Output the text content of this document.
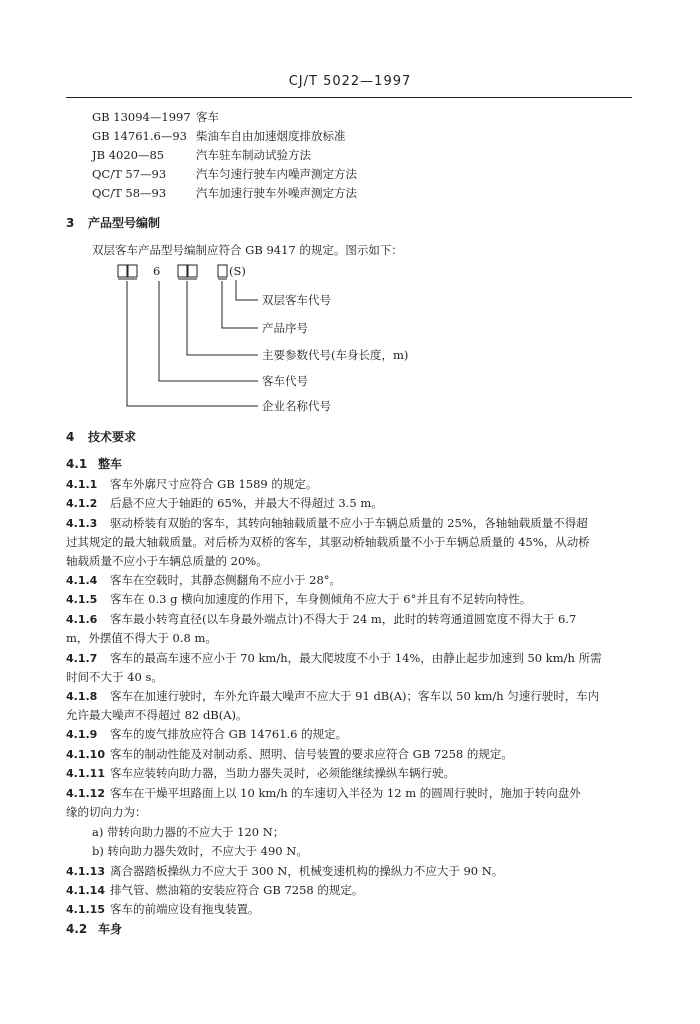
CJ/T 5022—1997
GB 13094—1997 客车
GB 14761.6—93 柴油车自由加速烟度排放标准
JB 4020—85	汽车驻车制动试验方法
QC/T 57—93	汽车匀速行驶车内噪声测定方法
QC/T 58—93	汽车加速行驶车外噪声测定方法
3 产品型号编制
双层客车产品型号编制应符合 GB 9417 的规定。图示如下：
6	(S)
双层客车代号
产品序号
主要参数代号(车身长度，m)
客车代号
企业名称代号
4 技术要求
4.1 整车
4.1.1 客车外廓尺寸应符合 GB 1589 的规定。
4.1.2 后悬不应大于轴距的 65%，并最大不得超过 3.5 m。
4.1.3 驱动桥装有双胎的客车，其转向轴轴载质量不应小于车辆总质量的 25%，各轴轴载质量不得超
过其规定的最大轴载质量。对后桥为双桥的客车，其驱动桥轴载质量不小于车辆总质量的 45%，从动桥
轴载质量不应小于车辆总质量的 20%。
4.1.4 客车在空载时，其静态侧翻角不应小于 28°。
4.1.5 客车在 0.3 g 横向加速度的作用下，车身侧倾角不应大于 6°并且有不足转向特性。
4.1.6 客车最小转弯直径(以车身最外端点计)不得大于 24 m，此时的转弯通道圆宽度不得大于 6.7
m，外摆值不得大于 0.8 m。
4.1.7 客车的最高车速不应小于 70 km/h，最大爬坡度不小于 14%，由静止起步加速到 50 km/h 所需
时间不大于 40 s。
4.1.8 客车在加速行驶时，车外允许最大噪声不应大于 91 dB(A)；客车以 50 km/h 匀速行驶时，车内
允许最大噪声不得超过 82 dB(A)。
4.1.9 客车的废气排放应符合 GB 14761.6 的规定。
4.1.10 客车的制动性能及对制动系、照明、信号装置的要求应符合 GB 7258 的规定。
4.1.11 客车应装转向助力器，当助力器失灵时，必须能继续操纵车辆行驶。
4.1.12 客车在干燥平坦路面上以 10 km/h 的车速切入半径为 12 m 的圆周行驶时，施加于转向盘外
缘的切向力为：
a) 带转向助力器的不应大于 120 N；
b) 转向助力器失效时，不应大于 490 N。
4.1.13 离合器踏板操纵力不应大于 300 N，机械变速机构的操纵力不应大于 90 N。
4.1.14 排气管、燃油箱的安装应符合 GB 7258 的规定。
4.1.15 客车的前端应设有拖曳装置。
4.2 车身
